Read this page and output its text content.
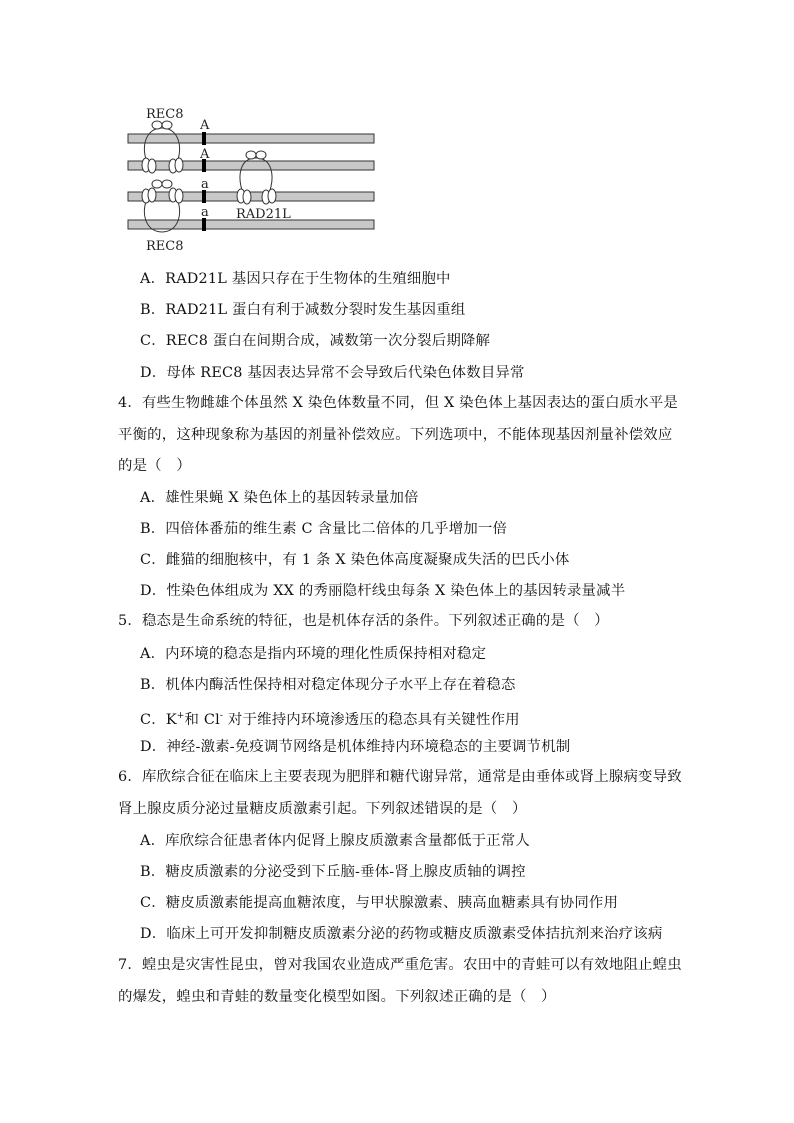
A
A
a
a
REC8
REC8
RAD21L
A．RAD21L 基因只存在于生物体的生殖细胞中
B．RAD21L 蛋白有利于减数分裂时发生基因重组
C．REC8 蛋白在间期合成，减数第一次分裂后期降解
D．母体 REC8 基因表达异常不会导致后代染色体数目异常
4．有些生物雌雄个体虽然 X 染色体数量不同，但 X 染色体上基因表达的蛋白质水平是平衡的，这种现象称为基因的剂量补偿效应。下列选项中，不能体现基因剂量补偿效应的是（　）
A．雄性果蝇 X 染色体上的基因转录量加倍
B．四倍体番茄的维生素 C 含量比二倍体的几乎增加一倍
C．雌猫的细胞核中，有 1 条 X 染色体高度凝聚成失活的巴氏小体
D．性染色体组成为 XX 的秀丽隐杆线虫每条 X 染色体上的基因转录量减半
5．稳态是生命系统的特征，也是机体存活的条件。下列叙述正确的是（　）
A．内环境的稳态是指内环境的理化性质保持相对稳定
B．机体内酶活性保持相对稳定体现分子水平上存在着稳态
C．K+和 Cl- 对于维持内环境渗透压的稳态具有关键性作用
D．神经-激素-免疫调节网络是机体维持内环境稳态的主要调节机制
6．库欣综合征在临床上主要表现为肥胖和糖代谢异常，通常是由垂体或肾上腺病变导致肾上腺皮质分泌过量糖皮质激素引起。下列叙述错误的是（　）
A．库欣综合征患者体内促肾上腺皮质激素含量都低于正常人
B．糖皮质激素的分泌受到下丘脑-垂体-肾上腺皮质轴的调控
C．糖皮质激素能提高血糖浓度，与甲状腺激素、胰高血糖素具有协同作用
D．临床上可开发抑制糖皮质激素分泌的药物或糖皮质激素受体拮抗剂来治疗该病
7．蝗虫是灾害性昆虫，曾对我国农业造成严重危害。农田中的青蛙可以有效地阻止蝗虫的爆发，蝗虫和青蛙的数量变化模型如图。下列叙述正确的是（　）
